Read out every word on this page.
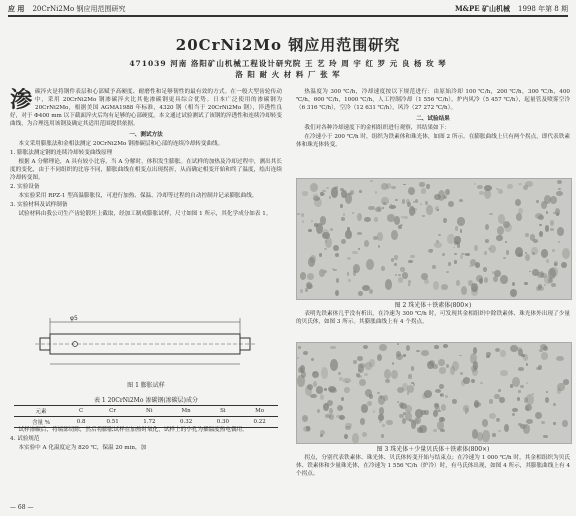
应 用 20CrNi2Mo 钢应用范围研究	M&PE 矿山机械 1998 年第 8 期
20CrNi2Mo 钢应用范围研究
471039 河南 洛阳矿山机械工程设计研究院 王 艺 玲 周 宇 红 罗 元 良 杨 玫 琴
洛 阳 耐 火 材 料 厂 张 军

渗碳淬火是将钢件表层和心部赋予高硬度、耐磨性和足够韧性的最有效的方式。在一般大型齿轮传动中，采用 20CrNi2Mo 钢渗碳淬火比其他渗碳钢更具综合优势。日本广泛使用的渗碳钢为 20CrNi2Mo，根据美国 AGMA1988 年标准，4320 钢（相当于 20CrNi2Mo 钢），淬透性良好，对于 Φ400 mm 以下截面淬火后均有足够的心部硬度。本文通过试验测试了该钢的淬透性和连续冷却转变曲线，为合理选用该钢及确定其适用范围提供依据。

一、测试方法

本文采用膨胀法和金相法测定 20CrNi2Mo 钢渗碳层和心部的连续冷却转变曲线。

1. 膨胀法测定钢的连续冷却转变曲线原理

根据 A 分解理论，A 具有较小比容，当 A 分解时，体积发生膨胀。在试样的加热及冷却过程中，测出其长度的变化，由于不同组织的比容不同，膨胀曲线在相变点出现拐折，从而确定相变开始和终了温度，绘出连续冷却转变图。

2. 实验设备

本实验采用 RPZ-1 型高温膨胀仪，可进行加热、保温、冷却等过程的自动控制并记录膨胀曲线。

3. 实验材料及试样制备

试验材料由我公司生产齿轮锻坯上截取，经加工制成膨胀试样，尺寸如图 1 所示，其化学成分如表 1。

φ5
图 1 膨胀试样
表 1 20CrNi2Mo 渗碳钢(渗碳层)成分
元素	C	Cr	Ni	Mn	Si	Mo
含量 %	0.8	0.51	1.72	0.32	0.30	0.22

试样渗碳后，将端部切除，然后将膨胀试样在加热时氧化，试样上的小孔为插温度热电偶用。

4. 试验规范

本实验中 A 化温度定为 820 ℃，保温 20 min，加

— 68 —

热温度为 300 ℃/h，冷却速度按以下规范进行：由原始冷却 100 ℃/h，200 ℃/h，300 ℃/h，400 ℃/h，600 ℃/h，1000 ℃/h，人工控制冷却（1 556 ℃/h），炉内风冷（5 457 ℃/h），起量管及喷雾空冷（6 316 ℃/h），空冷（12 631 ℃/h），风冷（27 272 ℃/h）。

二、试验结果

我们对各种冷却速度下的金相组织进行观察，其结果如下：

在冷速小于 200 ℃/h 时，组织为铁素体和珠光体，如图 2 所示。在膨胀曲线上只有两个拐点，即代表铁素体和珠光体转变。

图 2 珠光体＋铁素体(800×)

表明先铁素体几乎没有析出，在冷速为 300 ℃/h 时，可发现其金相组织中除铁素体、珠光体外出现了少量的贝氏体，如图 3 所示。其膨胀曲线上有 4 个拐点。

图 3 珠光体＋少量贝氏体＋铁素体(800×)

拐点，分别代表铁素体、珠光体、贝氏体转变开始与结束点；在冷速为 1 000 ℃/h 时，其金相组织为贝氏体、铁素体和少量珠光体，在冷速为 1 556 ℃/h（炉冷）时，有马氏体出现，如图 4 所示，其膨胀曲线上有 4 个拐点。
